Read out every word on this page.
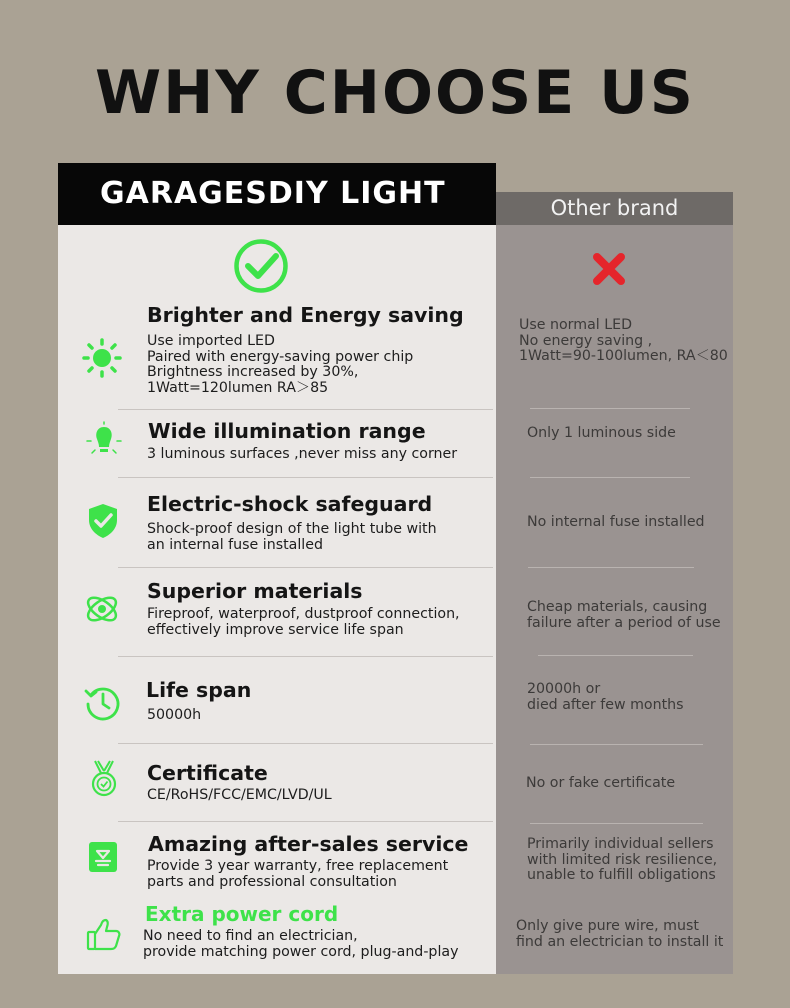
WHY CHOOSE US
GARAGESDIY LIGHT	Other brand
Brighter and Energy saving
Use imported LED
Paired with energy-saving power chip
Brightness increased by 30%,
1Watt=120lumen RA＞85
Use normal LED
No energy saving ,
1Watt=90-100lumen, RA＜80
Wide illumination range
3 luminous surfaces ,never miss any corner
Only 1 luminous side
Electric-shock safeguard
Shock-proof design of the light tube with
an internal fuse installed
No internal fuse installed
Superior materials
Fireproof, waterproof, dustproof connection,
effectively improve service life span
Cheap materials, causing
failure after a period of use
Life span
50000h
20000h or
died after few months
Certificate
CE/RoHS/FCC/EMC/LVD/UL
No or fake certificate
Amazing after-sales service
Provide 3 year warranty, free replacement
parts and professional consultation
Primarily individual sellers
with limited risk resilience,
unable to fulfill obligations
Extra power cord
No need to find an electrician,
provide matching power cord, plug-and-play
Only give pure wire, must
find an electrician to install it
